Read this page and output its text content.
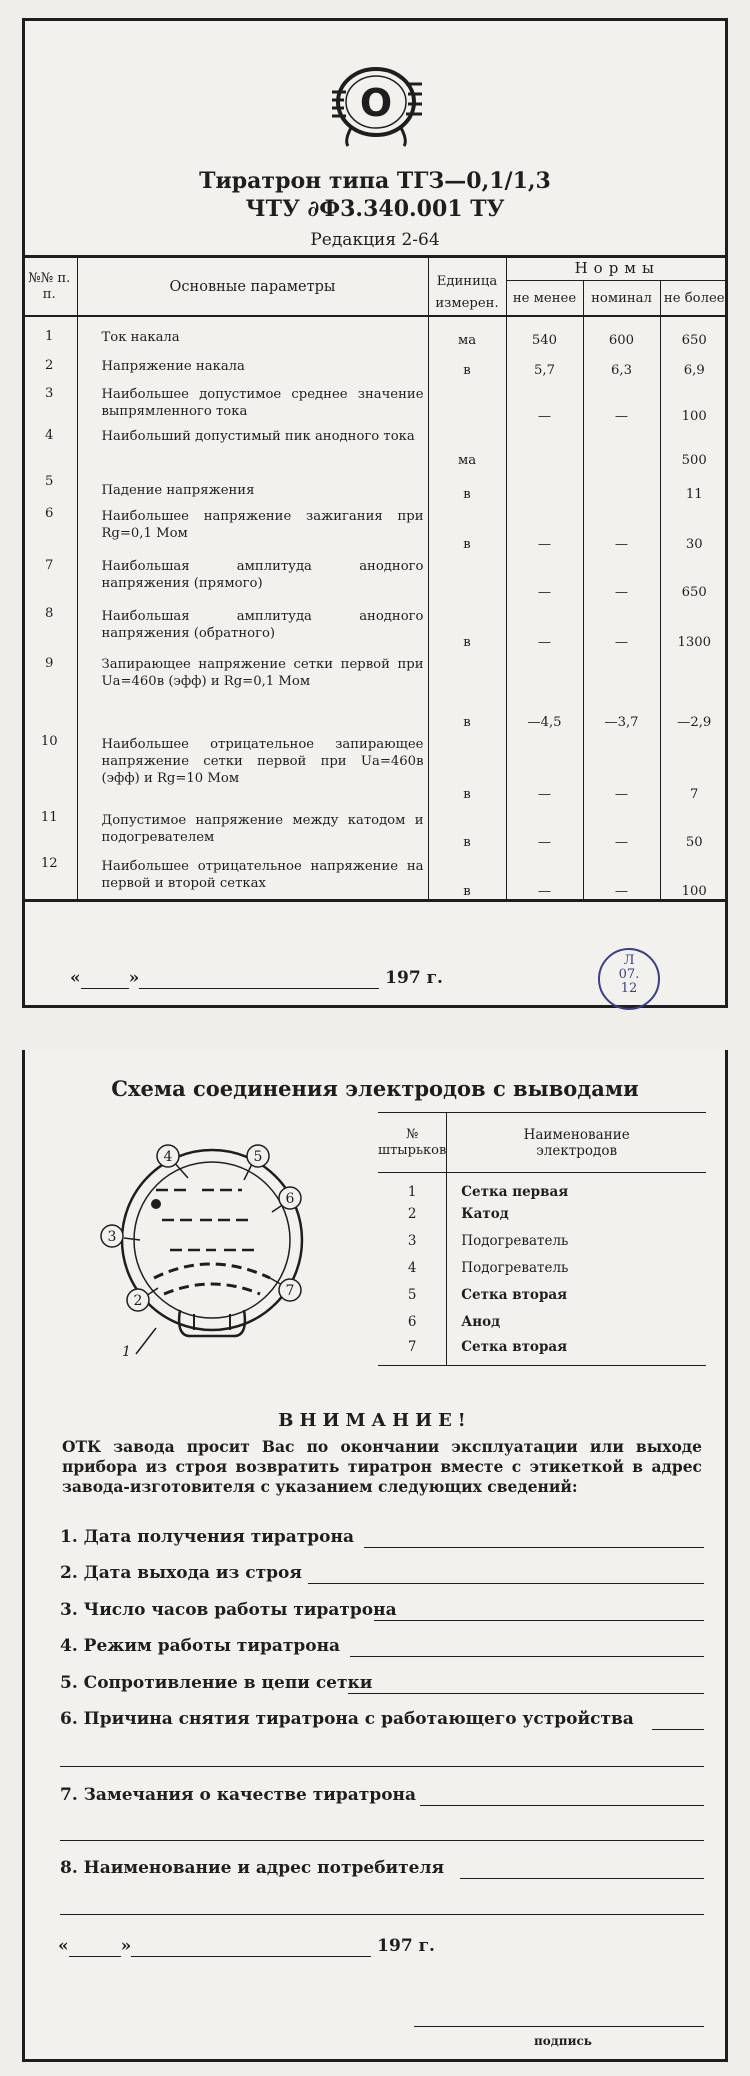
О
Тиратрон типа ТГЗ—0,1/1,3
ЧТУ ∂Ф3.340.001 ТУ
Редакция 2-64
№№ п. п.	Основные параметры	Единица измерен.	Нормы		
			не менее	номинал	не более
1	Ток накала	ма	540	600	650
2	Напряжение накала	в	5,7	6,3	6,9
3	Наибольшее допустимое среднее значение выпрямленного тока		—	—	100
4	Наибольший допустимый пик анодного тока	ма			500
5	Падение напряжения	в			11
6	Наибольшее напряжение зажигания при Rg=0,1 Мом	в	—	—	30
7	Наибольшая амплитуда анодного напряжения (прямого)		—	—	650
8	Наибольшая амплитуда анодного напряжения (обратного)	в	—	—	1300
9	Запирающее напряжение сетки первой при Ua=460в (эфф) и Rg=0,1 Мом	в	—4,5	—3,7	—2,9
10	Наибольшее отрицательное запирающее напряжение сетки первой при Ua=460в (эфф) и Rg=10 Мом	в	—	—	7
11	Допустимое напряжение между катодом и подогревателем	в	—	—	50
12	Наибольшее отрицательное напряжение на первой и второй сетках	в	—	—	100
«	»	197 г.
Л
07.
12
Схема соединения электродов с выводами
1
2
3
4	5
6
7
№ штырьков	Наименование электродов
1	Сетка первая
2	Катод
3	Подогреватель
4	Подогреватель
5	Сетка вторая
6	Анод
7	Сетка вторая
ВНИМАНИЕ!
ОТК завода просит Вас по окончании эксплуатации или выходе прибора из строя возвратить тиратрон вместе с этикеткой в адрес завода-изготовителя с указанием следующих сведений:
1. Дата получения тиратрона
2. Дата выхода из строя
3. Число часов работы тиратрона
4. Режим работы тиратрона
5. Сопротивление в цепи сетки
6. Причина снятия тиратрона с работающего устройства
7. Замечания о качестве тиратрона
8. Наименование и адрес потребителя
«	»	197 г.
подпись
